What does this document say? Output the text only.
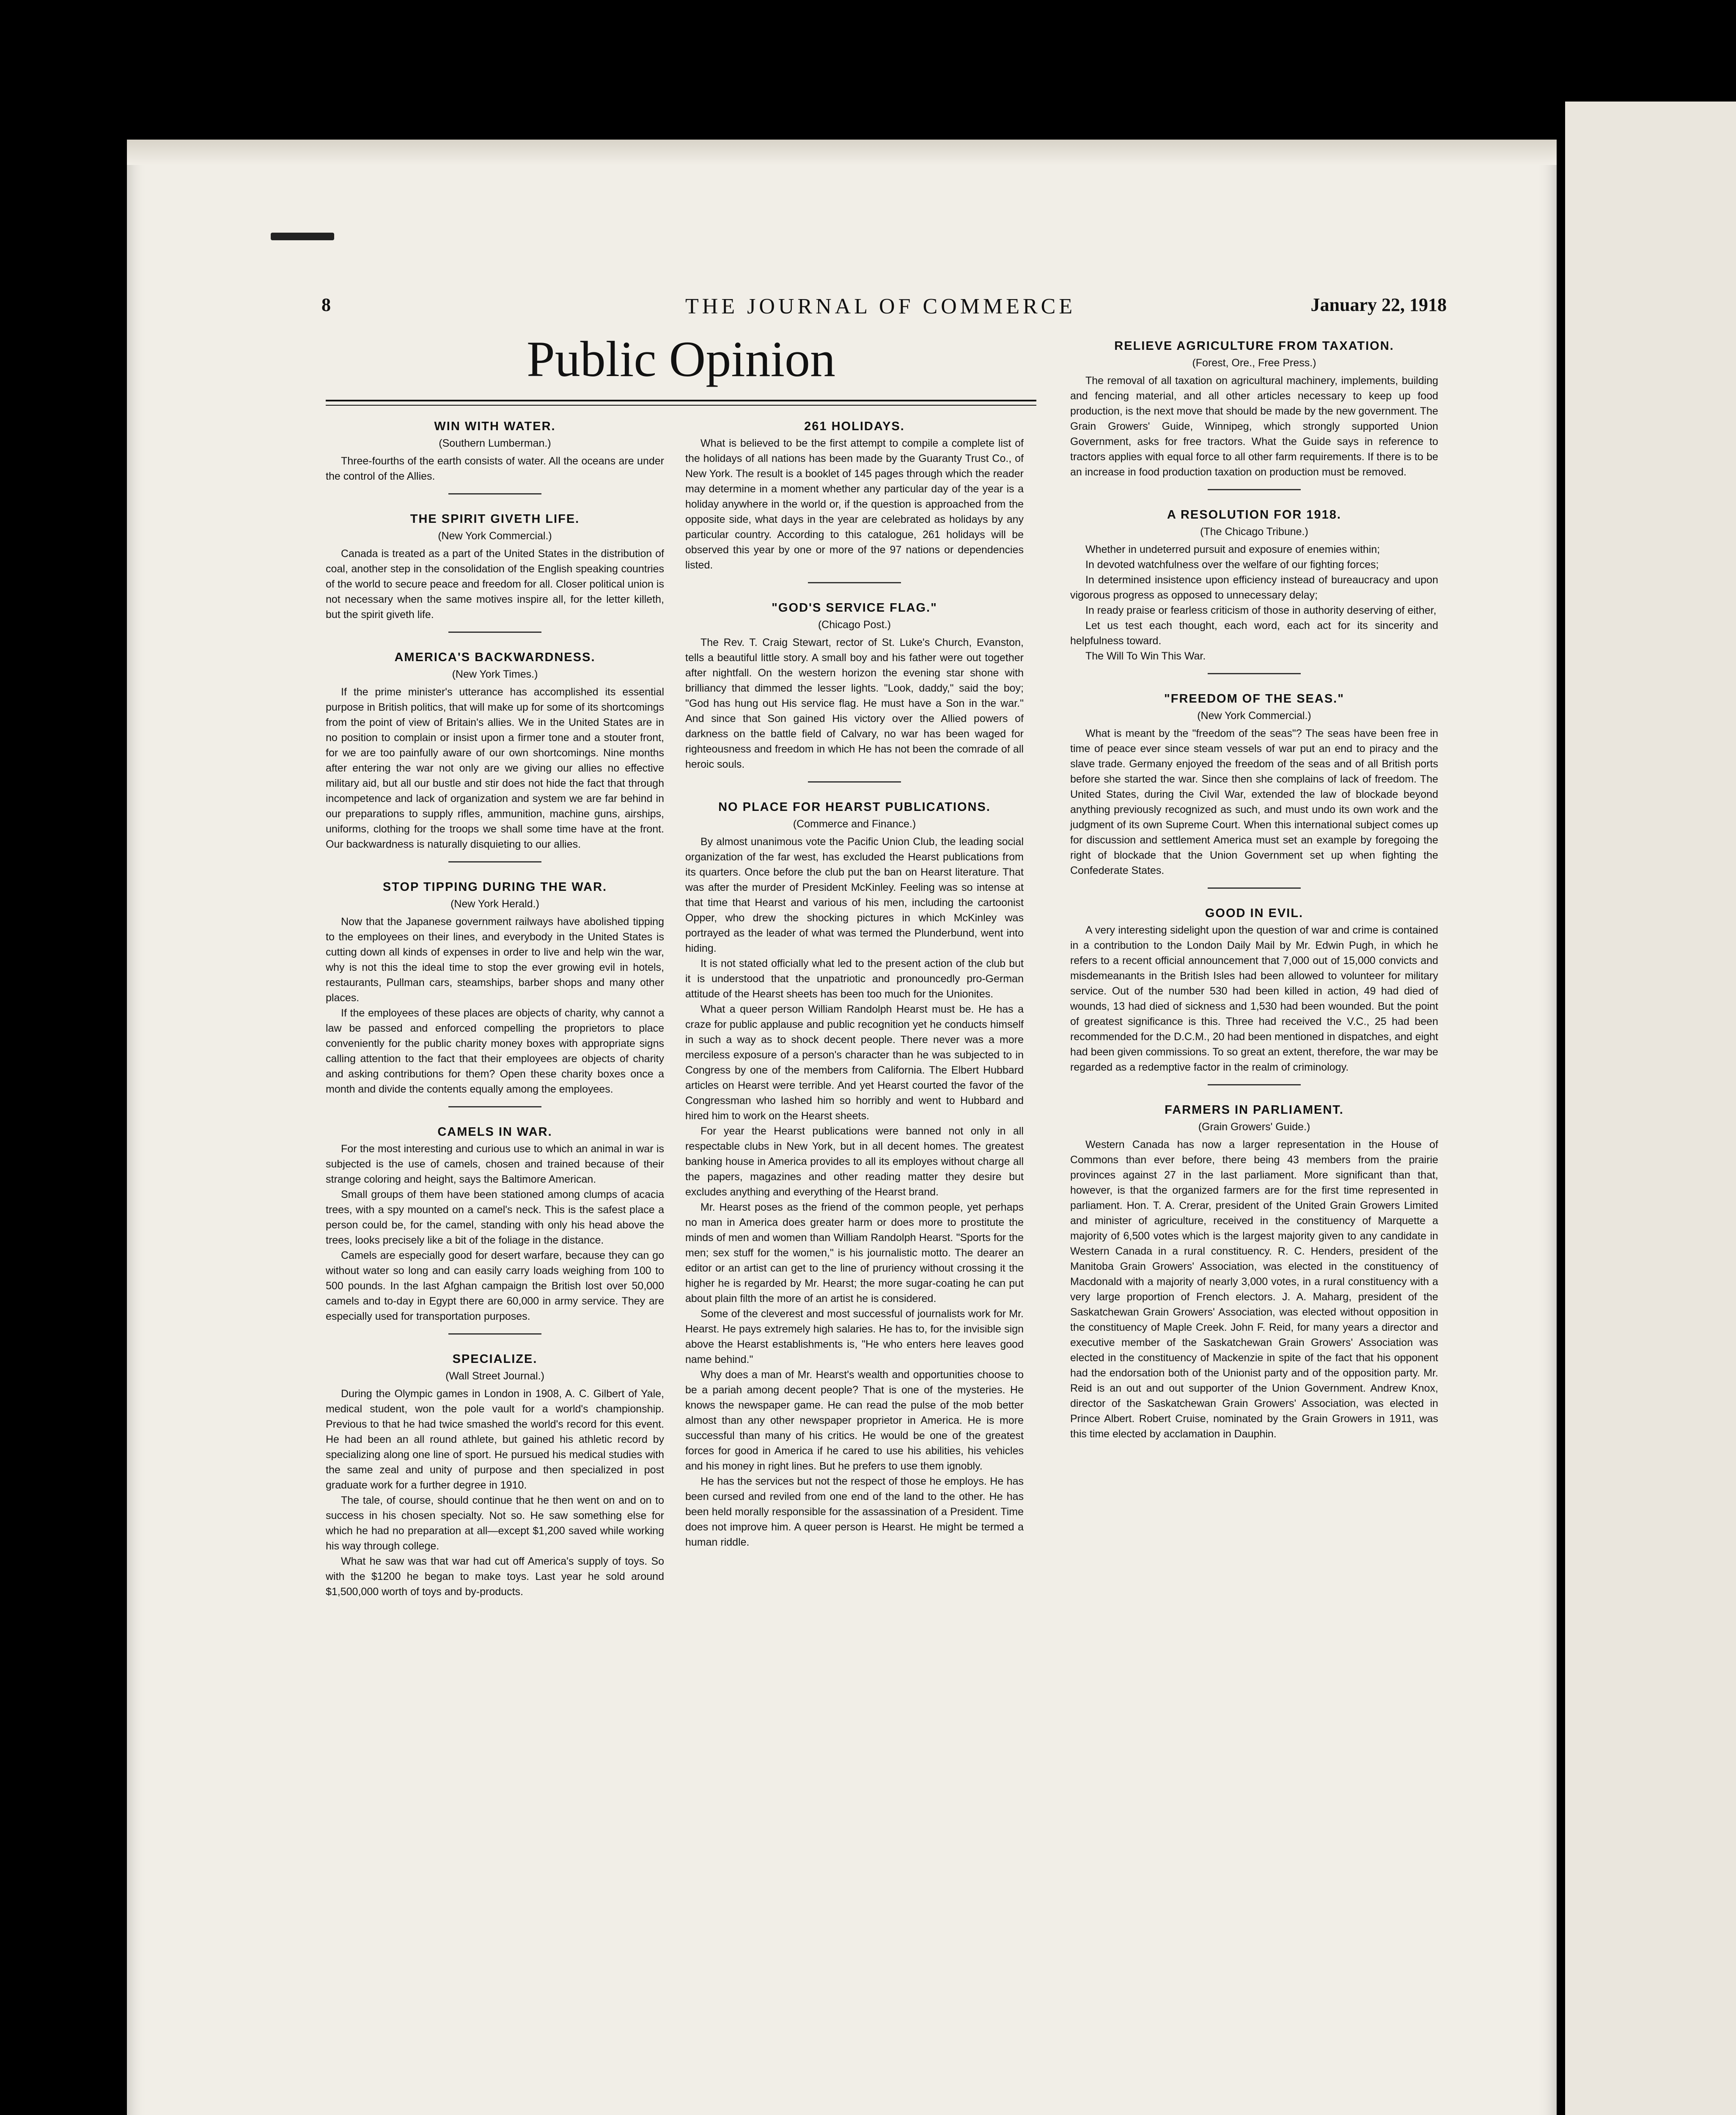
8	THE JOURNAL OF COMMERCE	January 22, 1918
Public Opinion
WIN WITH WATER.
(Southern Lumberman.)

Three-fourths of the earth consists of water. All the oceans are under the control of the Allies.

THE SPIRIT GIVETH LIFE.
(New York Commercial.)

Canada is treated as a part of the United States in the distribution of coal, another step in the consolidation of the English speaking countries of the world to secure peace and freedom for all. Closer political union is not necessary when the same motives inspire all, for the letter killeth, but the spirit giveth life.

AMERICA'S BACKWARDNESS.
(New York Times.)

If the prime minister's utterance has accomplished its essential purpose in British politics, that will make up for some of its shortcomings from the point of view of Britain's allies. We in the United States are in no position to complain or insist upon a firmer tone and a stouter front, for we are too painfully aware of our own shortcomings. Nine months after entering the war not only are we giving our allies no effective military aid, but all our bustle and stir does not hide the fact that through incompetence and lack of organization and system we are far behind in our preparations to supply rifles, ammunition, machine guns, airships, uniforms, clothing for the troops we shall some time have at the front. Our backwardness is naturally disquieting to our allies.

STOP TIPPING DURING THE WAR.
(New York Herald.)

Now that the Japanese government railways have abolished tipping to the employees on their lines, and everybody in the United States is cutting down all kinds of expenses in order to live and help win the war, why is not this the ideal time to stop the ever growing evil in hotels, restaurants, Pullman cars, steamships, barber shops and many other places.

If the employees of these places are objects of charity, why cannot a law be passed and enforced compelling the proprietors to place conveniently for the public charity money boxes with appropriate signs calling attention to the fact that their employees are objects of charity and asking contributions for them? Open these charity boxes once a month and divide the contents equally among the employees.

CAMELS IN WAR.

For the most interesting and curious use to which an animal in war is subjected is the use of camels, chosen and trained because of their strange coloring and height, says the Baltimore American.

Small groups of them have been stationed among clumps of acacia trees, with a spy mounted on a camel's neck. This is the safest place a person could be, for the camel, standing with only his head above the trees, looks precisely like a bit of the foliage in the distance.

Camels are especially good for desert warfare, because they can go without water so long and can easily carry loads weighing from 100 to 500 pounds. In the last Afghan campaign the British lost over 50,000 camels and to-day in Egypt there are 60,000 in army service. They are especially used for transportation purposes.

SPECIALIZE.
(Wall Street Journal.)

During the Olympic games in London in 1908, A. C. Gilbert of Yale, medical student, won the pole vault for a world's championship. Previous to that he had twice smashed the world's record for this event. He had been an all round athlete, but gained his athletic record by specializing along one line of sport. He pursued his medical studies with the same zeal and unity of purpose and then specialized in post graduate work for a further degree in 1910.

The tale, of course, should continue that he then went on and on to success in his chosen specialty. Not so. He saw something else for which he had no preparation at all—except $1,200 saved while working his way through college.

What he saw was that war had cut off America's supply of toys. So with the $1200 he began to make toys. Last year he sold around $1,500,000 worth of toys and by-products.

261 HOLIDAYS.

What is believed to be the first attempt to compile a complete list of the holidays of all nations has been made by the Guaranty Trust Co., of New York. The result is a booklet of 145 pages through which the reader may determine in a moment whether any particular day of the year is a holiday anywhere in the world or, if the question is approached from the opposite side, what days in the year are celebrated as holidays by any particular country. According to this catalogue, 261 holidays will be observed this year by one or more of the 97 nations or dependencies listed.

"GOD'S SERVICE FLAG."
(Chicago Post.)

The Rev. T. Craig Stewart, rector of St. Luke's Church, Evanston, tells a beautiful little story. A small boy and his father were out together after nightfall. On the western horizon the evening star shone with brilliancy that dimmed the lesser lights. "Look, daddy," said the boy; "God has hung out His service flag. He must have a Son in the war." And since that Son gained His victory over the Allied powers of darkness on the battle field of Calvary, no war has been waged for righteousness and freedom in which He has not been the comrade of all heroic souls.

NO PLACE FOR HEARST PUBLICATIONS.
(Commerce and Finance.)

By almost unanimous vote the Pacific Union Club, the leading social organization of the far west, has excluded the Hearst publications from its quarters. Once before the club put the ban on Hearst literature. That was after the murder of President McKinley. Feeling was so intense at that time that Hearst and various of his men, including the cartoonist Opper, who drew the shocking pictures in which McKinley was portrayed as the leader of what was termed the Plunderbund, went into hiding.

It is not stated officially what led to the present action of the club but it is understood that the unpatriotic and pronouncedly pro-German attitude of the Hearst sheets has been too much for the Unionites.

What a queer person William Randolph Hearst must be. He has a craze for public applause and public recognition yet he conducts himself in such a way as to shock decent people. There never was a more merciless exposure of a person's character than he was subjected to in Congress by one of the members from California. The Elbert Hubbard articles on Hearst were terrible. And yet Hearst courted the favor of the Congressman who lashed him so horribly and went to Hubbard and hired him to work on the Hearst sheets.

For year the Hearst publications were banned not only in all respectable clubs in New York, but in all decent homes. The greatest banking house in America provides to all its employes without charge all the papers, magazines and other reading matter they desire but excludes anything and everything of the Hearst brand.

Mr. Hearst poses as the friend of the common people, yet perhaps no man in America does greater harm or does more to prostitute the minds of men and women than William Randolph Hearst. "Sports for the men; sex stuff for the women," is his journalistic motto. The dearer an editor or an artist can get to the line of pruriency without crossing it the higher he is regarded by Mr. Hearst; the more sugar-coating he can put about plain filth the more of an artist he is considered.

Some of the cleverest and most successful of journalists work for Mr. Hearst. He pays extremely high salaries. He has to, for the invisible sign above the Hearst establishments is, "He who enters here leaves good name behind."

Why does a man of Mr. Hearst's wealth and opportunities choose to be a pariah among decent people? That is one of the mysteries. He knows the newspaper game. He can read the pulse of the mob better almost than any other newspaper proprietor in America. He is more successful than many of his critics. He would be one of the greatest forces for good in America if he cared to use his abilities, his vehicles and his money in right lines. But he prefers to use them ignobly.

He has the services but not the respect of those he employs. He has been cursed and reviled from one end of the land to the other. He has been held morally responsible for the assassination of a President. Time does not improve him. A queer person is Hearst. He might be termed a human riddle.

RELIEVE AGRICULTURE FROM TAXATION.
(Forest, Ore., Free Press.)

The removal of all taxation on agricultural machinery, implements, building and fencing material, and all other articles necessary to keep up food production, is the next move that should be made by the new government. The Grain Growers' Guide, Winnipeg, which strongly supported Union Government, asks for free tractors. What the Guide says in reference to tractors applies with equal force to all other farm requirements. If there is to be an increase in food production taxation on production must be removed.

A RESOLUTION FOR 1918.
(The Chicago Tribune.)

Whether in undeterred pursuit and exposure of enemies within;

In devoted watchfulness over the welfare of our fighting forces;

In determined insistence upon efficiency instead of bureaucracy and upon vigorous progress as opposed to unnecessary delay;

In ready praise or fearless criticism of those in authority deserving of either,

Let us test each thought, each word, each act for its sincerity and helpfulness toward.

The Will To Win This War.

"FREEDOM OF THE SEAS."
(New York Commercial.)

What is meant by the "freedom of the seas"? The seas have been free in time of peace ever since steam vessels of war put an end to piracy and the slave trade. Germany enjoyed the freedom of the seas and of all British ports before she started the war. Since then she complains of lack of freedom. The United States, during the Civil War, extended the law of blockade beyond anything previously recognized as such, and must undo its own work and the judgment of its own Supreme Court. When this international subject comes up for discussion and settlement America must set an example by foregoing the right of blockade that the Union Government set up when fighting the Confederate States.

GOOD IN EVIL.

A very interesting sidelight upon the question of war and crime is contained in a contribution to the London Daily Mail by Mr. Edwin Pugh, in which he refers to a recent official announcement that 7,000 out of 15,000 convicts and misdemeanants in the British Isles had been allowed to volunteer for military service. Out of the number 530 had been killed in action, 49 had died of wounds, 13 had died of sickness and 1,530 had been wounded. But the point of greatest significance is this. Three had received the V.C., 25 had been recommended for the D.C.M., 20 had been mentioned in dispatches, and eight had been given commissions. To so great an extent, therefore, the war may be regarded as a redemptive factor in the realm of criminology.

FARMERS IN PARLIAMENT.
(Grain Growers' Guide.)

Western Canada has now a larger representation in the House of Commons than ever before, there being 43 members from the prairie provinces against 27 in the last parliament. More significant than that, however, is that the organized farmers are for the first time represented in parliament. Hon. T. A. Crerar, president of the United Grain Growers Limited and minister of agriculture, received in the constituency of Marquette a majority of 6,500 votes which is the largest majority given to any candidate in Western Canada in a rural constituency. R. C. Henders, president of the Manitoba Grain Growers' Association, was elected in the constituency of Macdonald with a majority of nearly 3,000 votes, in a rural constituency with a very large proportion of French electors. J. A. Maharg, president of the Saskatchewan Grain Growers' Association, was elected without opposition in the constituency of Maple Creek. John F. Reid, for many years a director and executive member of the Saskatchewan Grain Growers' Association was elected in the constituency of Mackenzie in spite of the fact that his opponent had the endorsation both of the Unionist party and of the opposition party. Mr. Reid is an out and out supporter of the Union Government. Andrew Knox, director of the Saskatchewan Grain Growers' Association, was elected in Prince Albert. Robert Cruise, nominated by the Grain Growers in 1911, was this time elected by acclamation in Dauphin.
